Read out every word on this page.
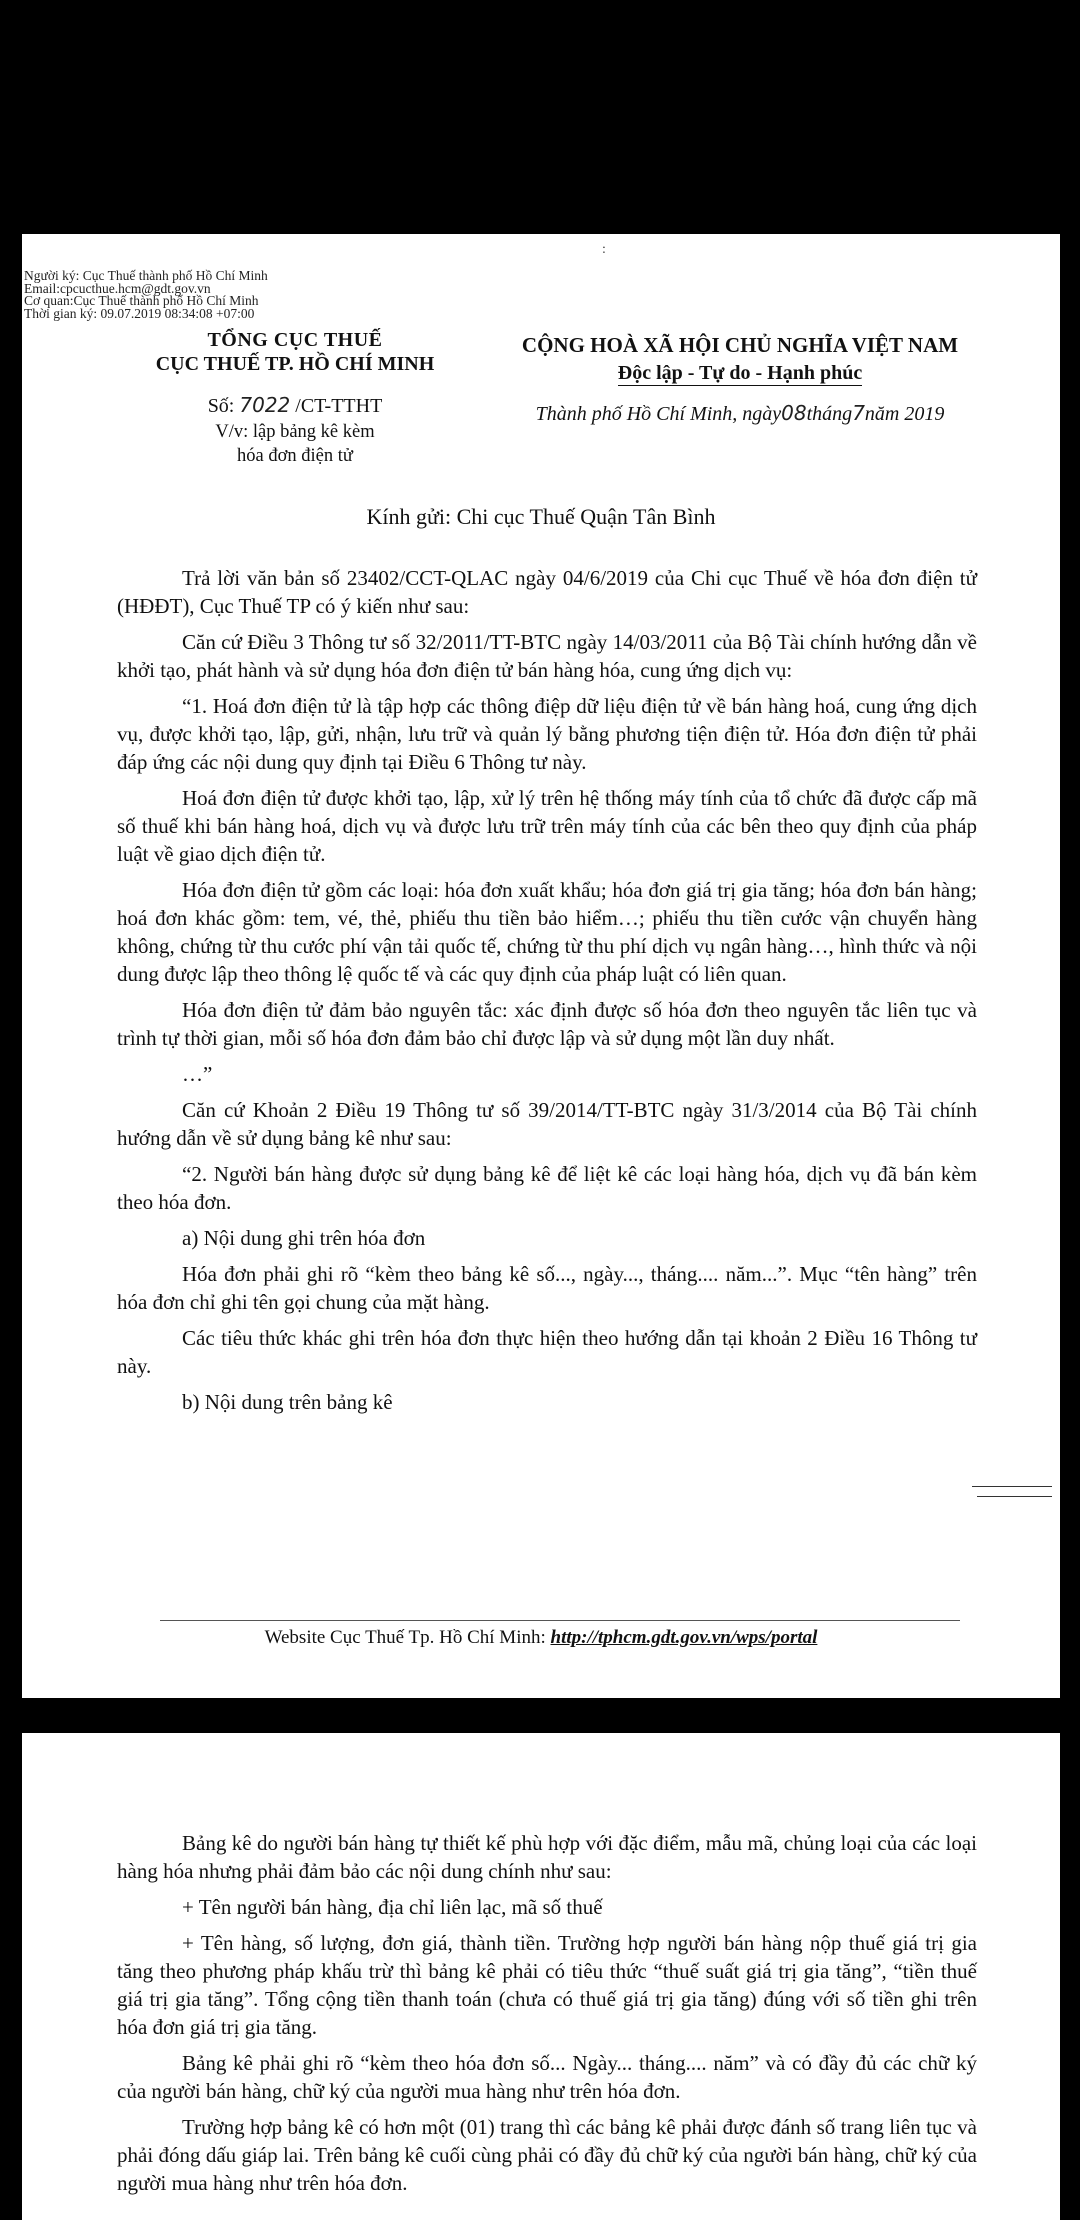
:
Người ký: Cục Thuế thành phố Hồ Chí Minh
Email:cpcucthue.hcm@gdt.gov.vn
Cơ quan:Cục Thuế thành phố Hồ Chí Minh
Thời gian ký: 09.07.2019 08:34:08 +07:00
TỔNG CỤC THUẾ
CỤC THUẾ TP. HỒ CHÍ MINH
CỘNG HOÀ XÃ HỘI CHỦ NGHĨA VIỆT NAM
Độc lập - Tự do - Hạnh phúc
Thành phố Hồ Chí Minh, ngày08tháng7năm 2019
Số: 7022 /CT-TTHT
V/v: lập bảng kê kèm
hóa đơn điện tử
Kính gửi: Chi cục Thuế Quận Tân Bình

Trả lời văn bản số 23402/CCT-QLAC ngày 04/6/2019 của Chi cục Thuế về hóa đơn điện tử (HĐĐT), Cục Thuế TP có ý kiến như sau:

Căn cứ Điều 3 Thông tư số 32/2011/TT-BTC ngày 14/03/2011 của Bộ Tài chính hướng dẫn về khởi tạo, phát hành và sử dụng hóa đơn điện tử bán hàng hóa, cung ứng dịch vụ:

“1. Hoá đơn điện tử là tập hợp các thông điệp dữ liệu điện tử về bán hàng hoá, cung ứng dịch vụ, được khởi tạo, lập, gửi, nhận, lưu trữ và quản lý bằng phương tiện điện tử. Hóa đơn điện tử phải đáp ứng các nội dung quy định tại Điều 6 Thông tư này.

Hoá đơn điện tử được khởi tạo, lập, xử lý trên hệ thống máy tính của tổ chức đã được cấp mã số thuế khi bán hàng hoá, dịch vụ và được lưu trữ trên máy tính của các bên theo quy định của pháp luật về giao dịch điện tử.

Hóa đơn điện tử gồm các loại: hóa đơn xuất khẩu; hóa đơn giá trị gia tăng; hóa đơn bán hàng; hoá đơn khác gồm: tem, vé, thẻ, phiếu thu tiền bảo hiểm…; phiếu thu tiền cước vận chuyển hàng không, chứng từ thu cước phí vận tải quốc tế, chứng từ thu phí dịch vụ ngân hàng…, hình thức và nội dung được lập theo thông lệ quốc tế và các quy định của pháp luật có liên quan.

Hóa đơn điện tử đảm bảo nguyên tắc: xác định được số hóa đơn theo nguyên tắc liên tục và trình tự thời gian, mỗi số hóa đơn đảm bảo chỉ được lập và sử dụng một lần duy nhất.

…”

Căn cứ Khoản 2 Điều 19 Thông tư số 39/2014/TT-BTC ngày 31/3/2014 của Bộ Tài chính hướng dẫn về sử dụng bảng kê như sau:

“2. Người bán hàng được sử dụng bảng kê để liệt kê các loại hàng hóa, dịch vụ đã bán kèm theo hóa đơn.

a) Nội dung ghi trên hóa đơn

Hóa đơn phải ghi rõ “kèm theo bảng kê số..., ngày..., tháng.... năm...”. Mục “tên hàng” trên hóa đơn chỉ ghi tên gọi chung của mặt hàng.

Các tiêu thức khác ghi trên hóa đơn thực hiện theo hướng dẫn tại khoản 2 Điều 16 Thông tư này.

b) Nội dung trên bảng kê

Website Cục Thuế Tp. Hồ Chí Minh: http://tphcm.gdt.gov.vn/wps/portal

Bảng kê do người bán hàng tự thiết kế phù hợp với đặc điểm, mẫu mã, chủng loại của các loại hàng hóa nhưng phải đảm bảo các nội dung chính như sau:

+ Tên người bán hàng, địa chỉ liên lạc, mã số thuế

+ Tên hàng, số lượng, đơn giá, thành tiền. Trường hợp người bán hàng nộp thuế giá trị gia tăng theo phương pháp khấu trừ thì bảng kê phải có tiêu thức “thuế suất giá trị gia tăng”, “tiền thuế giá trị gia tăng”. Tổng cộng tiền thanh toán (chưa có thuế giá trị gia tăng) đúng với số tiền ghi trên hóa đơn giá trị gia tăng.

Bảng kê phải ghi rõ “kèm theo hóa đơn số... Ngày... tháng.... năm” và có đầy đủ các chữ ký của người bán hàng, chữ ký của người mua hàng như trên hóa đơn.

Trường hợp bảng kê có hơn một (01) trang thì các bảng kê phải được đánh số trang liên tục và phải đóng dấu giáp lai. Trên bảng kê cuối cùng phải có đầy đủ chữ ký của người bán hàng, chữ ký của người mua hàng như trên hóa đơn.
